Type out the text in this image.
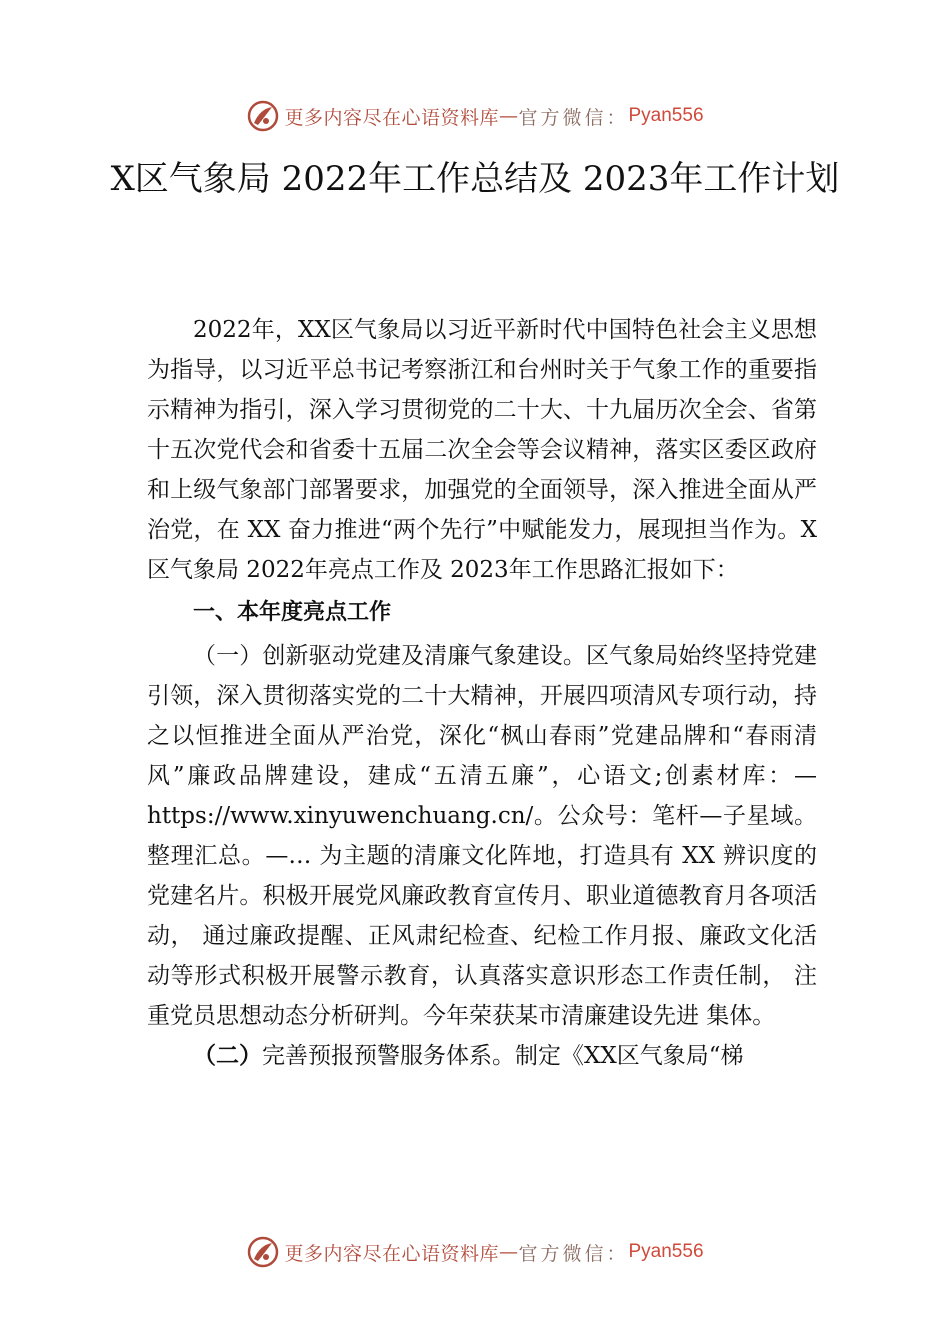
更多内容尽在心语资料库 — 官方微信： Pyan556
X区气象局 2022年工作总结及 2023年工作计划

2022年，XX区气象局以习近平新时代中国特色社会主义思想为指导，以习近平总书记考察浙江和台州时关于气象工作的重要指示精神为指引，深入学习贯彻党的二十大、十九届历次全会、省第十五次党代会和省委十五届二次全会等会议精神，落实区委区政府和上级气象部门部署要求，加强党的全面领导，深入推进全面从严治党，在 XX 奋力推进“两个先行”中赋能发力，展现担当作为。X区气象局 2022年亮点工作及 2023年工作思路汇报如下：

一、本年度亮点工作

（一）创新驱动党建及清廉气象建设。区气象局始终坚持党建引领，深入贯彻落实党的二十大精神，开展四项清风专项行动，持之以恒推进全面从严治党，深化“枫山春雨”党建品牌和“春雨清风”廉政品牌建设，建成“五清五廉”，心语文;创素材库：—https://www.xinyuwenchuang.cn/。公众号：笔杆—子星域。整理汇总。—… 为主题的清廉文化阵地，打造具有 XX 辨识度的党建名片。积极开展党风廉政教育宣传月、职业道德教育月各项活动， 通过廉政提醒、正风肃纪检查、纪检工作月报、廉政文化活动等形式积极开展警示教育，认真落实意识形态工作责任制， 注重党员思想动态分析研判。今年荣获某市清廉建设先进 集体。

（二）完善预报预警服务体系。制定《XX区气象局“梯

更多内容尽在心语资料库 — 官方微信： Pyan556
